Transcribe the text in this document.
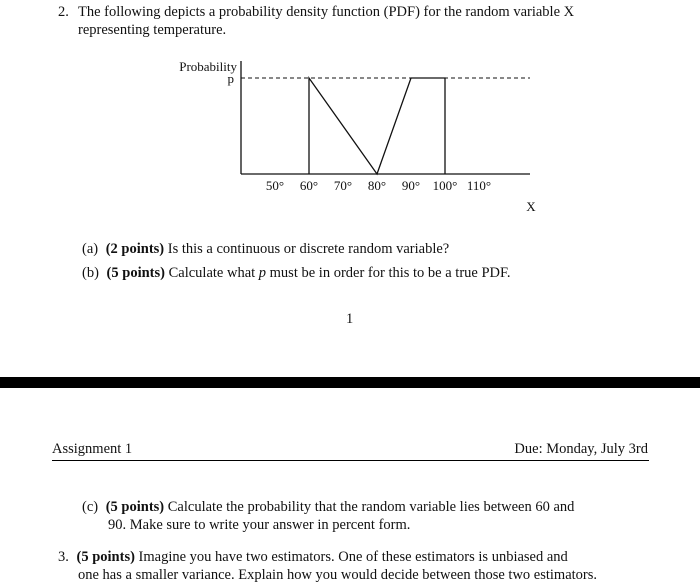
2. The following depicts a probability density function (PDF) for the random variable X
representing temperature.
Probability
X
p
50° 60° 70° 80° 90° 100° 110°
(a) (2 points) Is this a continuous or discrete random variable?
(b) (5 points) Calculate what p must be in order for this to be a true PDF.
1
Assignment 1	Due: Monday, July 3rd
(c) (5 points) Calculate the probability that the random variable lies between 60 and
90. Make sure to write your answer in percent form.
3. (5 points) Imagine you have two estimators. One of these estimators is unbiased and
one has a smaller variance. Explain how you would decide between those two estimators.
